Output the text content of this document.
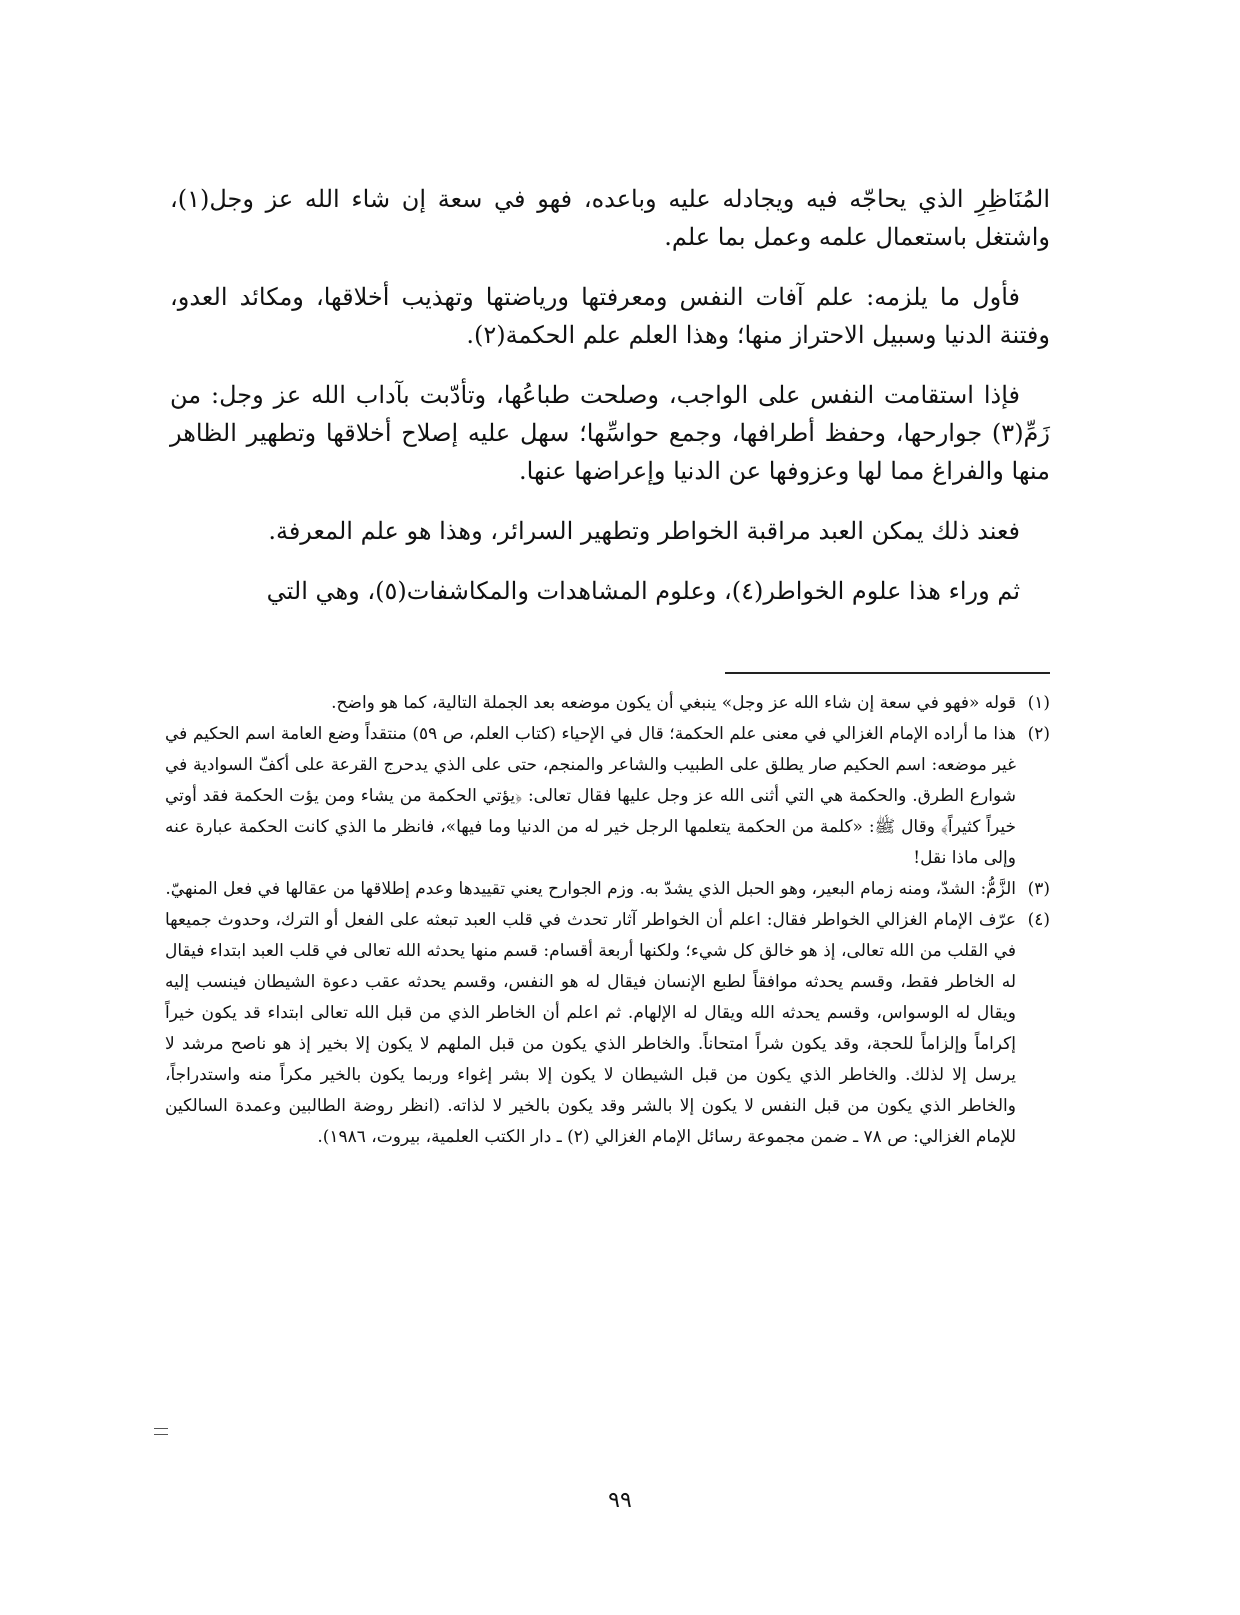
المُنَاظِرِ الذي يحاجّه فيه ويجادله عليه وباعده، فهو في سعة إن شاء الله عز وجل(١)، واشتغل باستعمال علمه وعمل بما علم.

فأول ما يلزمه: علم آفات النفس ومعرفتها ورياضتها وتهذيب أخلاقها، ومكائد العدو، وفتنة الدنيا وسبيل الاحتراز منها؛ وهذا العلم علم الحكمة(٢).

فإذا استقامت النفس على الواجب، وصلحت طباعُها، وتأدّبت بآداب الله عز وجل: من زَمِّ(٣) جوارحها، وحفظ أطرافها، وجمع حواسِّها؛ سهل عليه إصلاح أخلاقها وتطهير الظاهر منها والفراغ مما لها وعزوفها عن الدنيا وإعراضها عنها.

فعند ذلك يمكن العبد مراقبة الخواطر وتطهير السرائر، وهذا هو علم المعرفة.

ثم وراء هذا علوم الخواطر(٤)، وعلوم المشاهدات والمكاشفات(٥)، وهي التي

(١)
قوله «فهو في سعة إن شاء الله عز وجل» ينبغي أن يكون موضعه بعد الجملة التالية، كما هو واضح.
(٢)
هذا ما أراده الإمام الغزالي في معنى علم الحكمة؛ قال في الإحياء (كتاب العلم، ص ٥٩) منتقداً وضع العامة اسم الحكيم في غير موضعه: اسم الحكيم صار يطلق على الطبيب والشاعر والمنجم، حتى على الذي يدحرج القرعة على أكفّ السوادية في شوارع الطرق. والحكمة هي التي أثنى الله عز وجل عليها فقال تعالى: ﴿يؤتي الحكمة من يشاء ومن يؤت الحكمة فقد أوتي خيراً كثيراً﴾ وقال ﷺ: «كلمة من الحكمة يتعلمها الرجل خير له من الدنيا وما فيها»، فانظر ما الذي كانت الحكمة عبارة عنه وإلى ماذا نقل!
(٣)
الزَّمُّ: الشدّ، ومنه زمام البعير، وهو الحبل الذي يشدّ به. وزم الجوارح يعني تقييدها وعدم إطلاقها من عقالها في فعل المنهيّ.
(٤)
عرّف الإمام الغزالي الخواطر فقال: اعلم أن الخواطر آثار تحدث في قلب العبد تبعثه على الفعل أو الترك، وحدوث جميعها في القلب من الله تعالى، إذ هو خالق كل شيء؛ ولكنها أربعة أقسام: قسم منها يحدثه الله تعالى في قلب العبد ابتداء فيقال له الخاطر فقط، وقسم يحدثه موافقاً لطبع الإنسان فيقال له هو النفس، وقسم يحدثه عقب دعوة الشيطان فينسب إليه ويقال له الوسواس، وقسم يحدثه الله ويقال له الإلهام. ثم اعلم أن الخاطر الذي من قبل الله تعالى ابتداء قد يكون خيراً إكراماً وإلزاماً للحجة، وقد يكون شراً امتحاناً. والخاطر الذي يكون من قبل الملهم لا يكون إلا بخير إذ هو ناصح مرشد لا يرسل إلا لذلك. والخاطر الذي يكون من قبل الشيطان لا يكون إلا بشر إغواء وربما يكون بالخير مكراً منه واستدراجاً، والخاطر الذي يكون من قبل النفس لا يكون إلا بالشر وقد يكون بالخير لا لذاته. (انظر روضة الطالبين وعمدة السالكين للإمام الغزالي: ص ٧٨ ـ ضمن مجموعة رسائل الإمام الغزالي (٢) ـ دار الكتب العلمية، بيروت، ١٩٨٦).
٩٩
